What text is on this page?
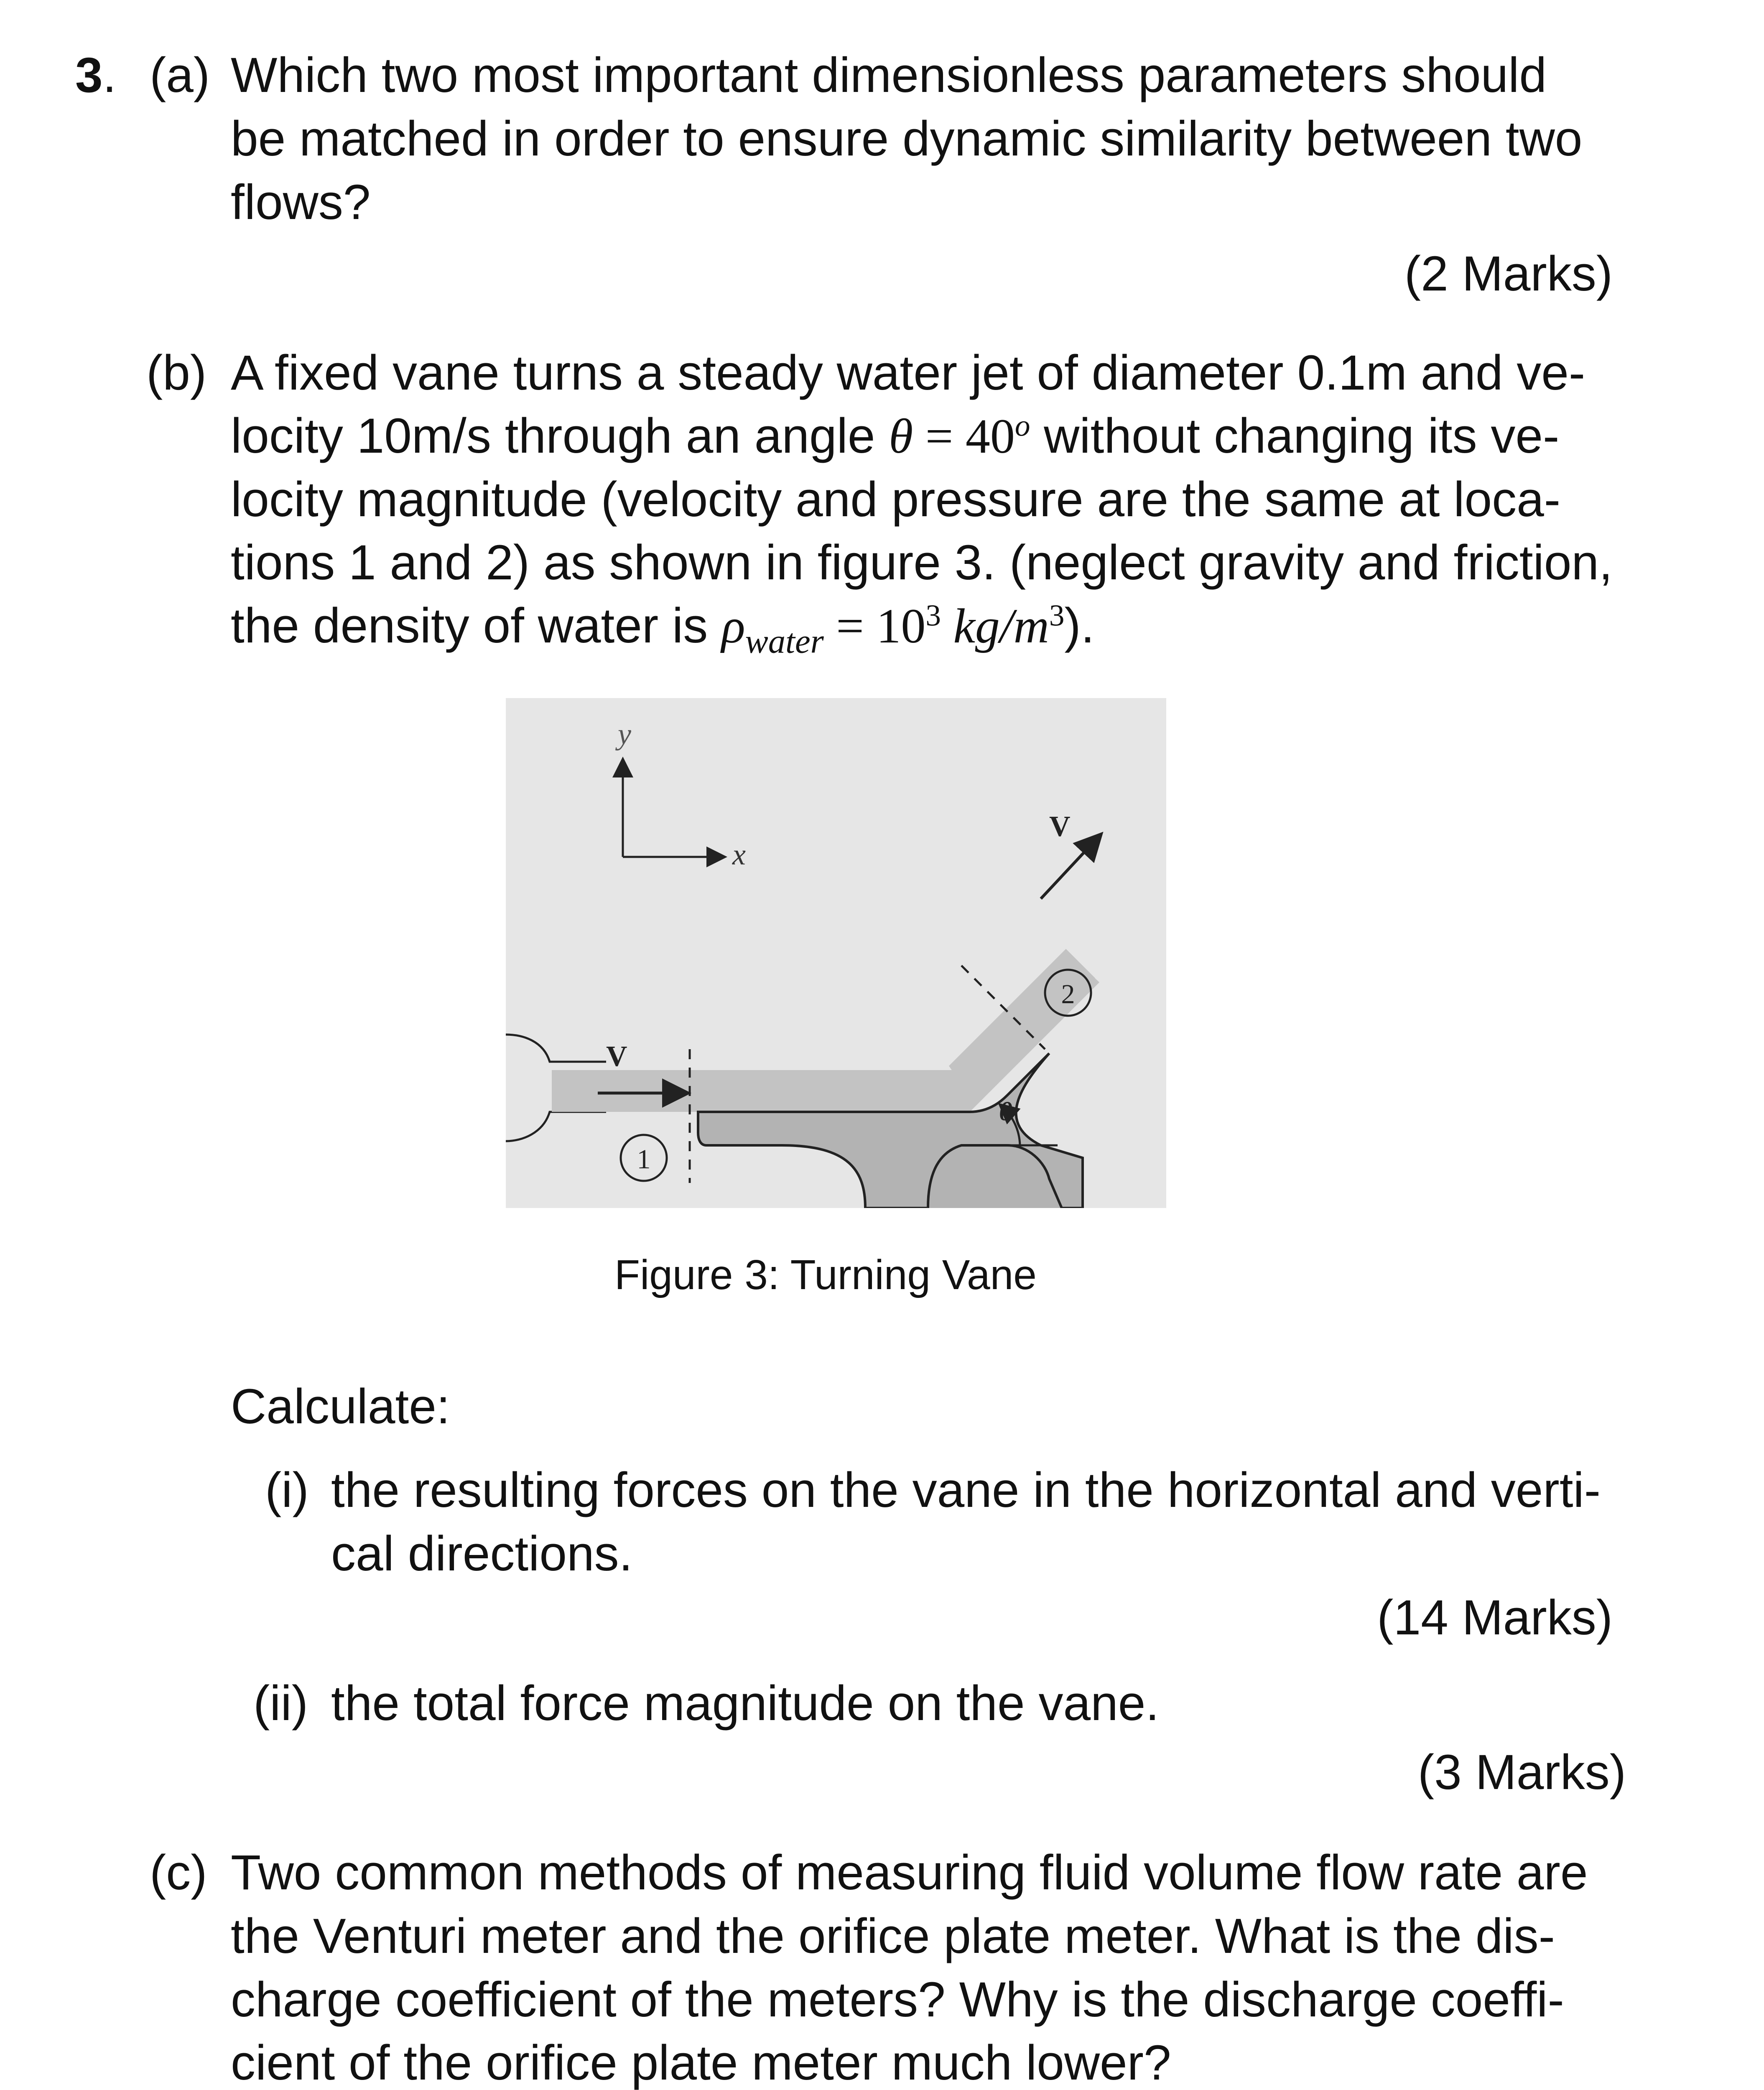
3. (a) Which two most important dimensionless parameters should
be matched in order to ensure dynamic similarity between two
flows?
(2 Marks)
(b) A fixed vane turns a steady water jet of diameter 0.1m and ve-
locity 10m/s through an angle $\theta = 40^o$ without changing its ve-
locity magnitude (velocity and pressure are the same at loca-
tions 1 and 2) as shown in figure 3. (neglect gravity and friction,
the density of water is $\rho_{water} = 10^3$ $kg/m^3$).
y
x
V
V
1
2
θ
Figure 3: Turning Vane
Calculate:
(i) the resulting forces on the vane in the horizontal and verti-
cal directions.
(14 Marks)
(ii) the total force magnitude on the vane.
(3 Marks)
(c) Two common methods of measuring fluid volume flow rate are
the Venturi meter and the orifice plate meter. What is the dis-
charge coefficient of the meters? Why is the discharge coeffi-
cient of the orifice plate meter much lower?
